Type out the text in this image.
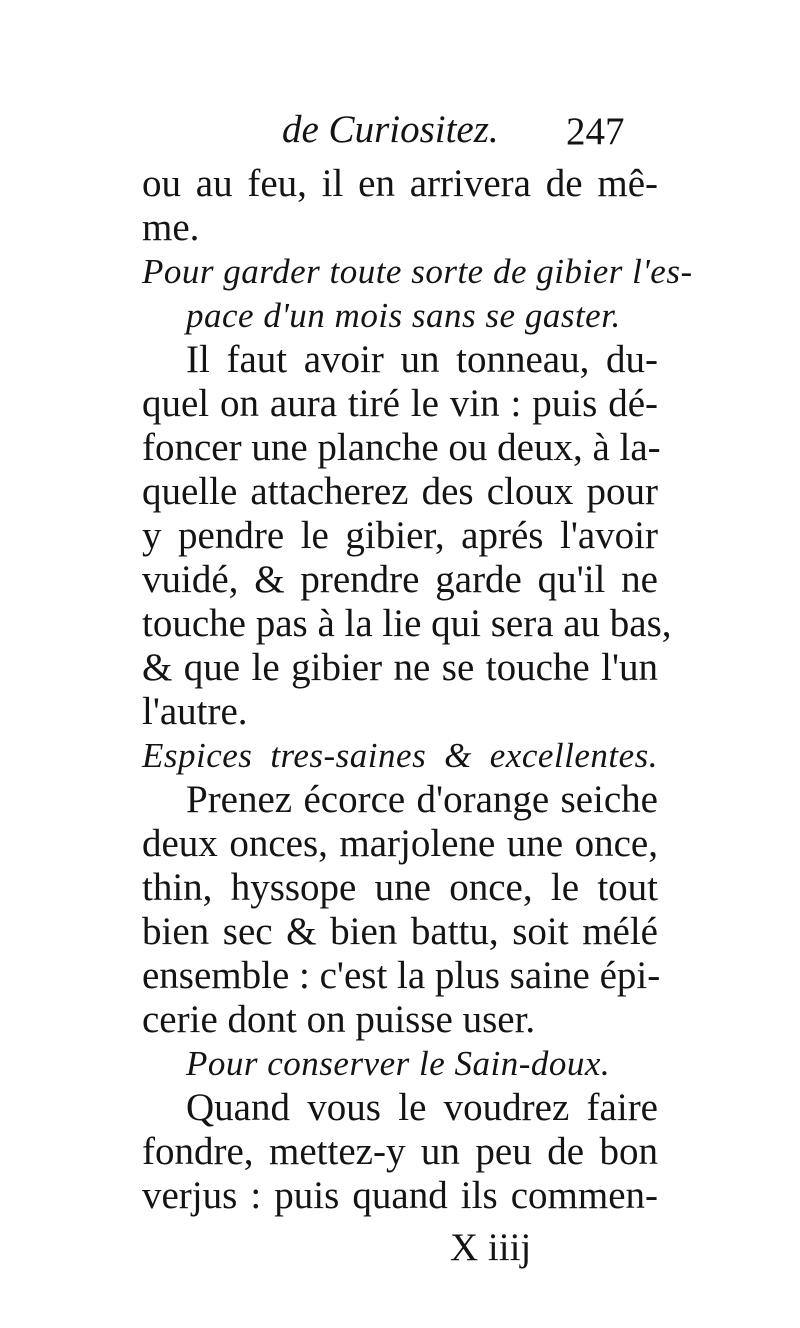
de Curiositez. 247
ou au feu, il en arrivera de mê-
me.
Pour garder toute sorte de gibier l'es-
pace d'un mois sans se gaster.
Il faut avoir un tonneau, du-
quel on aura tiré le vin : puis dé-
foncer une planche ou deux, à la-
quelle attacherez des cloux pour
y pendre le gibier, aprés l'avoir
vuidé, & prendre garde qu'il ne
touche pas à la lie qui sera au bas,
& que le gibier ne se touche l'un
l'autre.
Espices tres-saines & excellentes.
Prenez écorce d'orange seiche
deux onces, marjolene une once,
thin, hyssope une once, le tout
bien sec & bien battu, soit mélé
ensemble : c'est la plus saine épi-
cerie dont on puisse user.
Pour conserver le Sain-doux.
Quand vous le voudrez faire
fondre, mettez-y un peu de bon
verjus : puis quand ils commen-
X iiij
